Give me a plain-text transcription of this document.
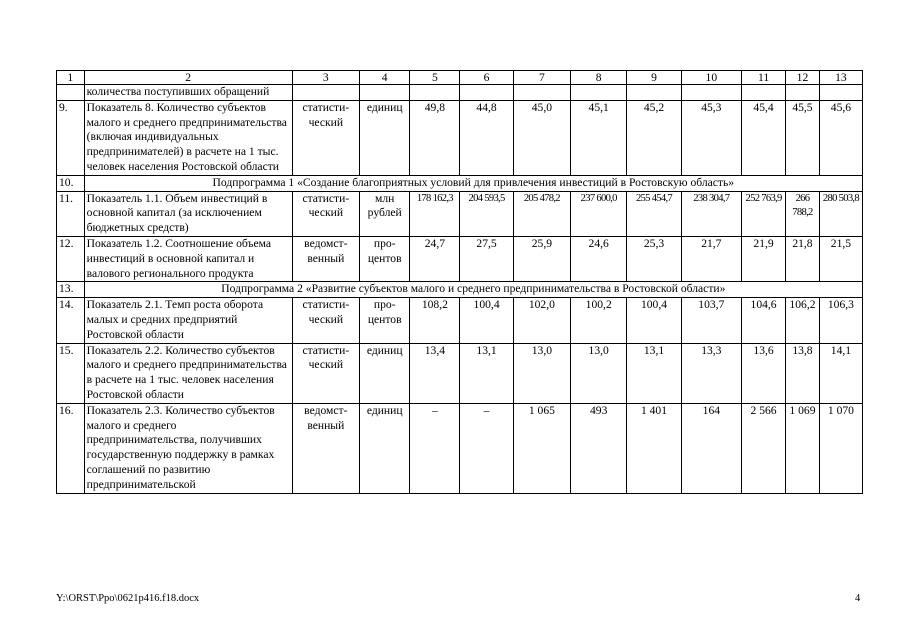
1	2	3	4	5	6	7	8	9	10	11	12	13
	количества поступивших обращений											
9.	Показатель 8. Количество субъектов малого и среднего предпринимательства (включая индивидуальных предпринимателей) в расчете на 1 тыс. человек населения Ростовской области	статисти-ческий	единиц	49,8	44,8	45,0	45,1	45,2	45,3	45,4	45,5	45,6
10.	Подпрограмма 1 «Создание благоприятных условий для привлечения инвестиций в Ростовскую область»											
11.	Показатель 1.1. Объем инвестиций в основной капитал (за исключением бюджетных средств)	статисти-ческий	млн рублей	178 162,3	204 593,5	205 478,2	237 600,0	255 454,7	238 304,7	252 763,9	266 788,2	280 503,8
12.	Показатель 1.2. Соотношение объема инвестиций в основной капитал и валового регионального продукта	ведомст-венный	про-центов	24,7	27,5	25,9	24,6	25,3	21,7	21,9	21,8	21,5
13.	Подпрограмма 2 «Развитие субъектов малого и среднего предпринимательства в Ростовской области»											
14.	Показатель 2.1. Темп роста оборота малых и средних предприятий Ростовской области	статисти-ческий	про-центов	108,2	100,4	102,0	100,2	100,4	103,7	104,6	106,2	106,3
15.	Показатель 2.2. Количество субъектов малого и среднего предпринимательства в расчете на 1 тыс. человек населения Ростовской области	статисти-ческий	единиц	13,4	13,1	13,0	13,0	13,1	13,3	13,6	13,8	14,1
16.	Показатель 2.3. Количество субъектов малого и среднего предпринимательства, получивших государственную поддержку в рамках соглашений по развитию предпринимательской	ведомст-венный	единиц	–	–	1 065	493	1 401	164	2 566	1 069	1 070
Y:\ORST\Ppo\0621p416.f18.docx	4
